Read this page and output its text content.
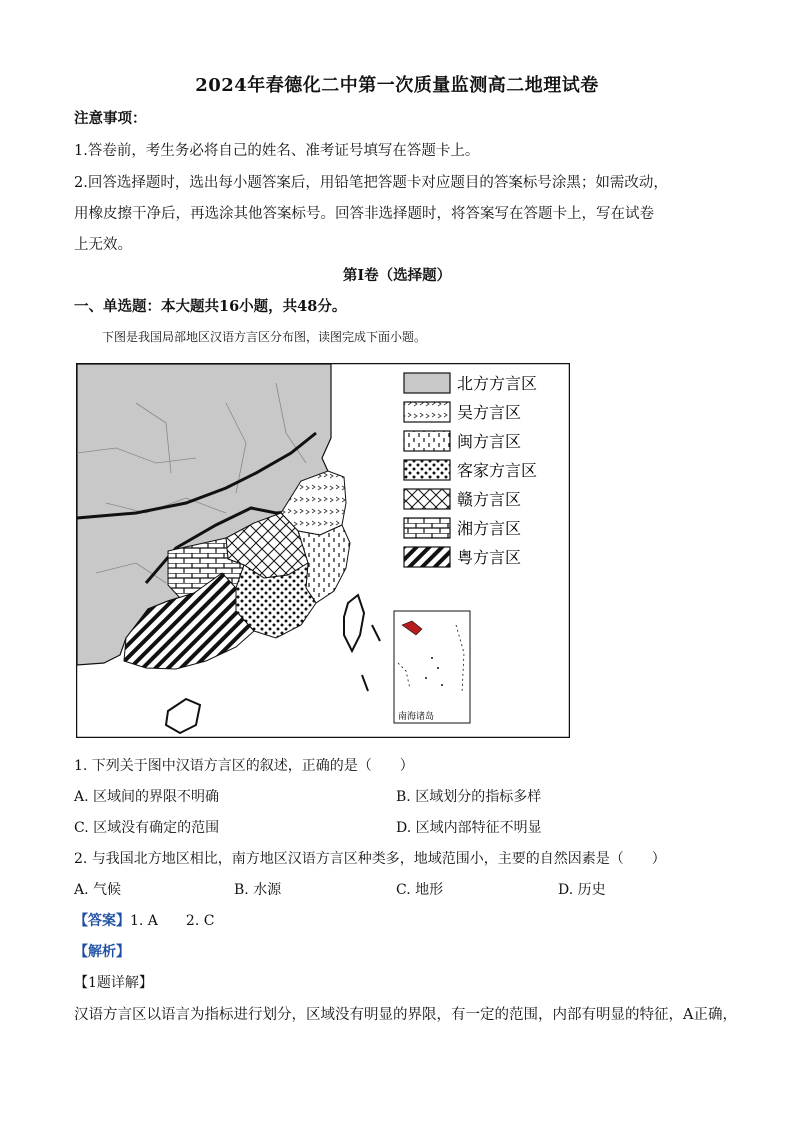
2024年春德化二中第一次质量监测高二地理试卷
注意事项：
1.答卷前，考生务必将自己的姓名、准考证号填写在答题卡上。
2.回答选择题时，选出每小题答案后，用铅笔把答题卡对应题目的答案标号涂黑；如需改动，
用橡皮擦干净后，再选涂其他答案标号。回答非选择题时，将答案写在答题卡上，写在试卷
上无效。
第Ⅰ卷（选择题）
一、单选题：本大题共16小题，共48分。
下图是我国局部地区汉语方言区分布图，读图完成下面小题。
北方方言区
吴方言区
闽方言区
客家方言区
赣方言区
湘方言区
粤方言区
南海诸岛
1. 下列关于图中汉语方言区的叙述，正确的是（　　）
A. 区域间的界限不明确	B. 区域划分的指标多样
C. 区域没有确定的范围	D. 区域内部特征不明显
2. 与我国北方地区相比，南方地区汉语方言区种类多，地域范围小，主要的自然因素是（　　）
A. 气候	B. 水源	C. 地形	D. 历史
【答案】1. A　　2. C
【解析】
【1题详解】
汉语方言区以语言为指标进行划分，区域没有明显的界限，有一定的范围，内部有明显的特征，A正确，
